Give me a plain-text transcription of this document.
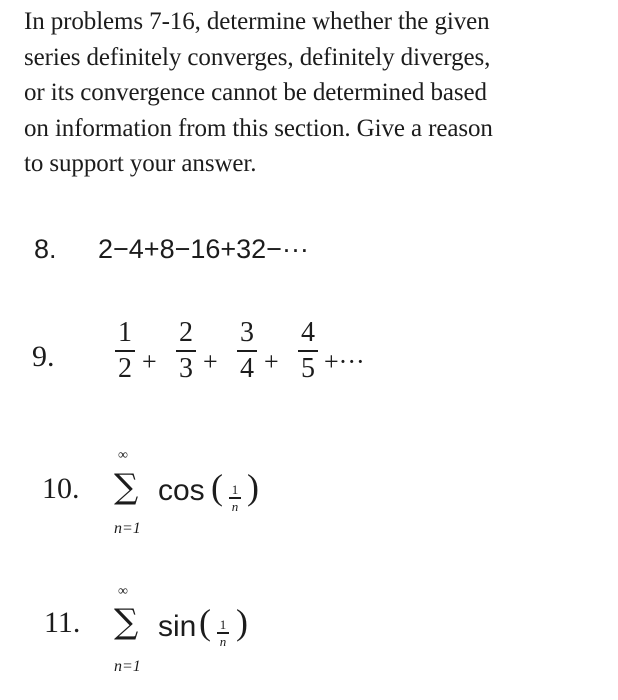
In problems 7-16, determine whether the given
series definitely converges, definitely diverges,
or its convergence cannot be determined based
on information from this section. Give a reason
to support your answer.
8. 2−4+8−16+32−···
9.
1
2 +
2
3 +
3
4 +
4
5 +···
10.
∞
∑
n=1
cos ( 1
n )
11.
∞
∑
n=1
sin ( 1
n )
